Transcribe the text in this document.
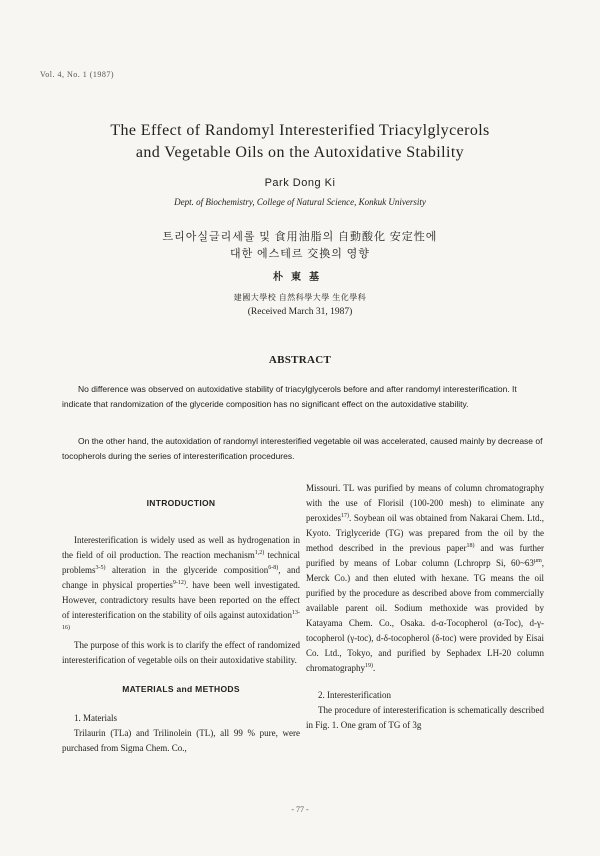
Vol. 4, No. 1 (1987)
The Effect of Randomyl Interesterified Triacylglycerols
and Vegetable Oils on the Autoxidative Stability
Park Dong Ki
Dept. of Biochemistry, College of Natural Science, Konkuk University
트리아실글리세롤 및 食用油脂의 自動酸化 安定性에
대한 에스테르 交換의 영향
朴東基
建國大學校 自然科學大學 生化學科
(Received March 31, 1987)
ABSTRACT

No difference was observed on autoxidative stability of triacylglycerols before and after randomyl interesterification. It indicate that randomization of the glyceride composition has no significant effect on the autoxidative stability.

On the other hand, the autoxidation of randomyl interesterified vegetable oil was accelerated, caused mainly by decrease of tocopherols during the series of interesterification procedures.

INTRODUCTION

Interesterification is widely used as well as hydrogenation in the field of oil production. The reaction mechanism$^{1,2)}$ technical problems$^{3-5)}$ alteration in the glyceride composition$^{6-8)}$, and change in physical properties$^{9-12)}$. have been well investigated. However, contradictory results have been reported on the effect of interesterification on the stability of oils against autoxidation$^{13-16)}$

The purpose of this work is to clarify the effect of randomized interesterification of vegetable oils on their autoxidative stability.

MATERIALS and METHODS

1. Materials

Trilaurin (TLa) and Trilinolein (TL), all 99 % pure, were purchased from Sigma Chem. Co.,

Missouri. TL was purified by means of column chromatography with the use of Florisil (100-200 mesh) to eliminate any peroxides$^{17)}$. Soybean oil was obtained from Nakarai Chem. Ltd., Kyoto. Triglyceride (TG) was prepared from the oil by the method described in the previous paper$^{18)}$ and was further purified by means of Lobar column (Lchroprp Si, $60\sim 63^{\mu m}$, Merck Co.) and then eluted with hexane. TG means the oil purified by the procedure as described above from commercially available parent oil. Sodium methoxide was provided by Katayama Chem. Co., Osaka. d-α-Tocopherol (α-Toc), d-γ-tocopherol (γ-toc), d-δ-tocopherol (δ-toc) were provided by Eisai Co. Ltd., Tokyo, and purified by Sephadex LH-20 column chromatography$^{19)}$.

2. Interesterification

The procedure of interesterification is schematically described in Fig. 1. One gram of TG of 3g

- 77 -
